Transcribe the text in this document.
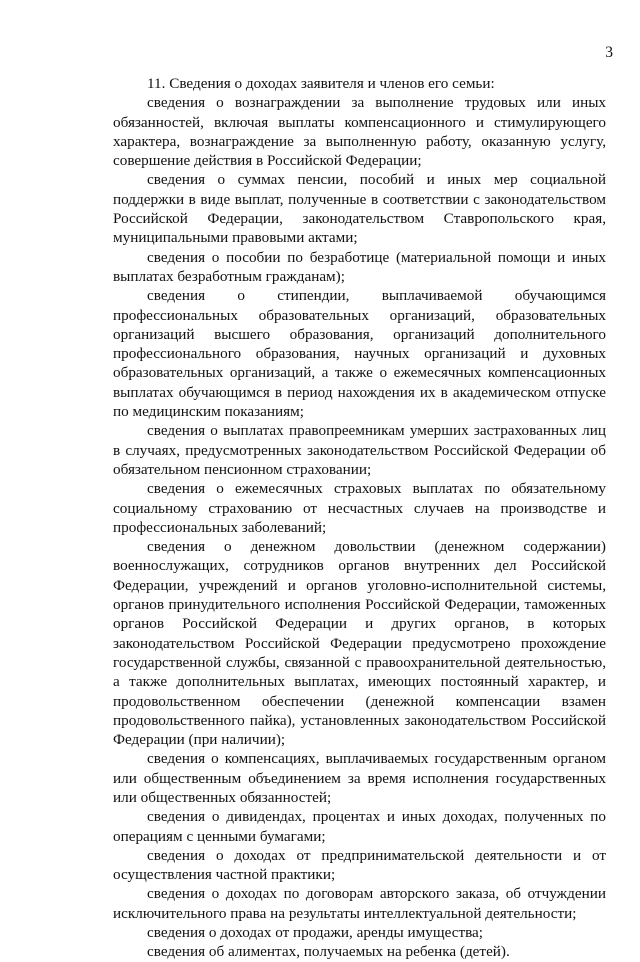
3

11. Сведения о доходах заявителя и членов его семьи:

сведения о вознаграждении за выполнение трудовых или иных обязанностей, включая выплаты компенсационного и стимулирующего характера, вознаграждение за выполненную работу, оказанную услугу, совершение действия в Российской Федерации;

сведения о суммах пенсии, пособий и иных мер социальной поддержки в виде выплат, полученные в соответствии с законодательством Российской Федерации, законодательством Ставропольского края, муниципальными правовыми актами;

сведения о пособии по безработице (материальной помощи и иных выплатах безработным гражданам);

сведения о стипендии, выплачиваемой обучающимся профессиональных образовательных организаций, образовательных организаций высшего образования, организаций дополнительного профессионального образования, научных организаций и духовных образовательных организаций, а также о ежемесячных компенсационных выплатах обучающимся в период нахождения их в академическом отпуске по медицинским показаниям;

сведения о выплатах правопреемникам умерших застрахованных лиц в случаях, предусмотренных законодательством Российской Федерации об обязательном пенсионном страховании;

сведения о ежемесячных страховых выплатах по обязательному социальному страхованию от несчастных случаев на производстве и профессиональных заболеваний;

сведения о денежном довольствии (денежном содержании) военнослужащих, сотрудников органов внутренних дел Российской Федерации, учреждений и органов уголовно-исполнительной системы, органов принудительного исполнения Российской Федерации, таможенных органов Российской Федерации и других органов, в которых законодательством Российской Федерации предусмотрено прохождение государственной службы, связанной с правоохранительной деятельностью, а также дополнительных выплатах, имеющих постоянный характер, и продовольственном обеспечении (денежной компенсации взамен продовольственного пайка), установленных законодательством Российской Федерации (при наличии);

сведения о компенсациях, выплачиваемых государственным органом или общественным объединением за время исполнения государственных или общественных обязанностей;

сведения о дивидендах, процентах и иных доходах, полученных по операциям с ценными бумагами;

сведения о доходах от предпринимательской деятельности и от осуществления частной практики;

сведения о доходах по договорам авторского заказа, об отчуждении исключительного права на результаты интеллектуальной деятельности;

сведения о доходах от продажи, аренды имущества;

сведения об алиментах, получаемых на ребенка (детей).
